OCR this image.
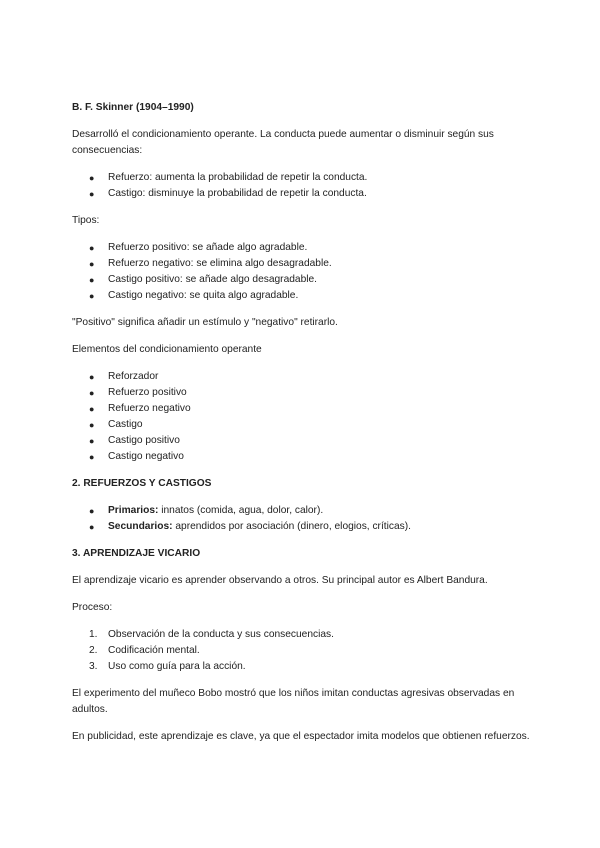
B. F. Skinner (1904–1990)
Desarrolló el condicionamiento operante. La conducta puede aumentar o disminuir según sus consecuencias:
● Refuerzo: aumenta la probabilidad de repetir la conducta.
● Castigo: disminuye la probabilidad de repetir la conducta.
Tipos:
● Refuerzo positivo: se añade algo agradable.
● Refuerzo negativo: se elimina algo desagradable.
● Castigo positivo: se añade algo desagradable.
● Castigo negativo: se quita algo agradable.
"Positivo" significa añadir un estímulo y "negativo" retirarlo.
Elementos del condicionamiento operante
● Reforzador
● Refuerzo positivo
● Refuerzo negativo
● Castigo
● Castigo positivo
● Castigo negativo
2. REFUERZOS Y CASTIGOS
● Primarios: innatos (comida, agua, dolor, calor).
● Secundarios: aprendidos por asociación (dinero, elogios, críticas).
3. APRENDIZAJE VICARIO
El aprendizaje vicario es aprender observando a otros. Su principal autor es Albert Bandura.
Proceso:
1. Observación de la conducta y sus consecuencias.
2. Codificación mental.
3. Uso como guía para la acción.
El experimento del muñeco Bobo mostró que los niños imitan conductas agresivas observadas en adultos.
En publicidad, este aprendizaje es clave, ya que el espectador imita modelos que obtienen refuerzos.
